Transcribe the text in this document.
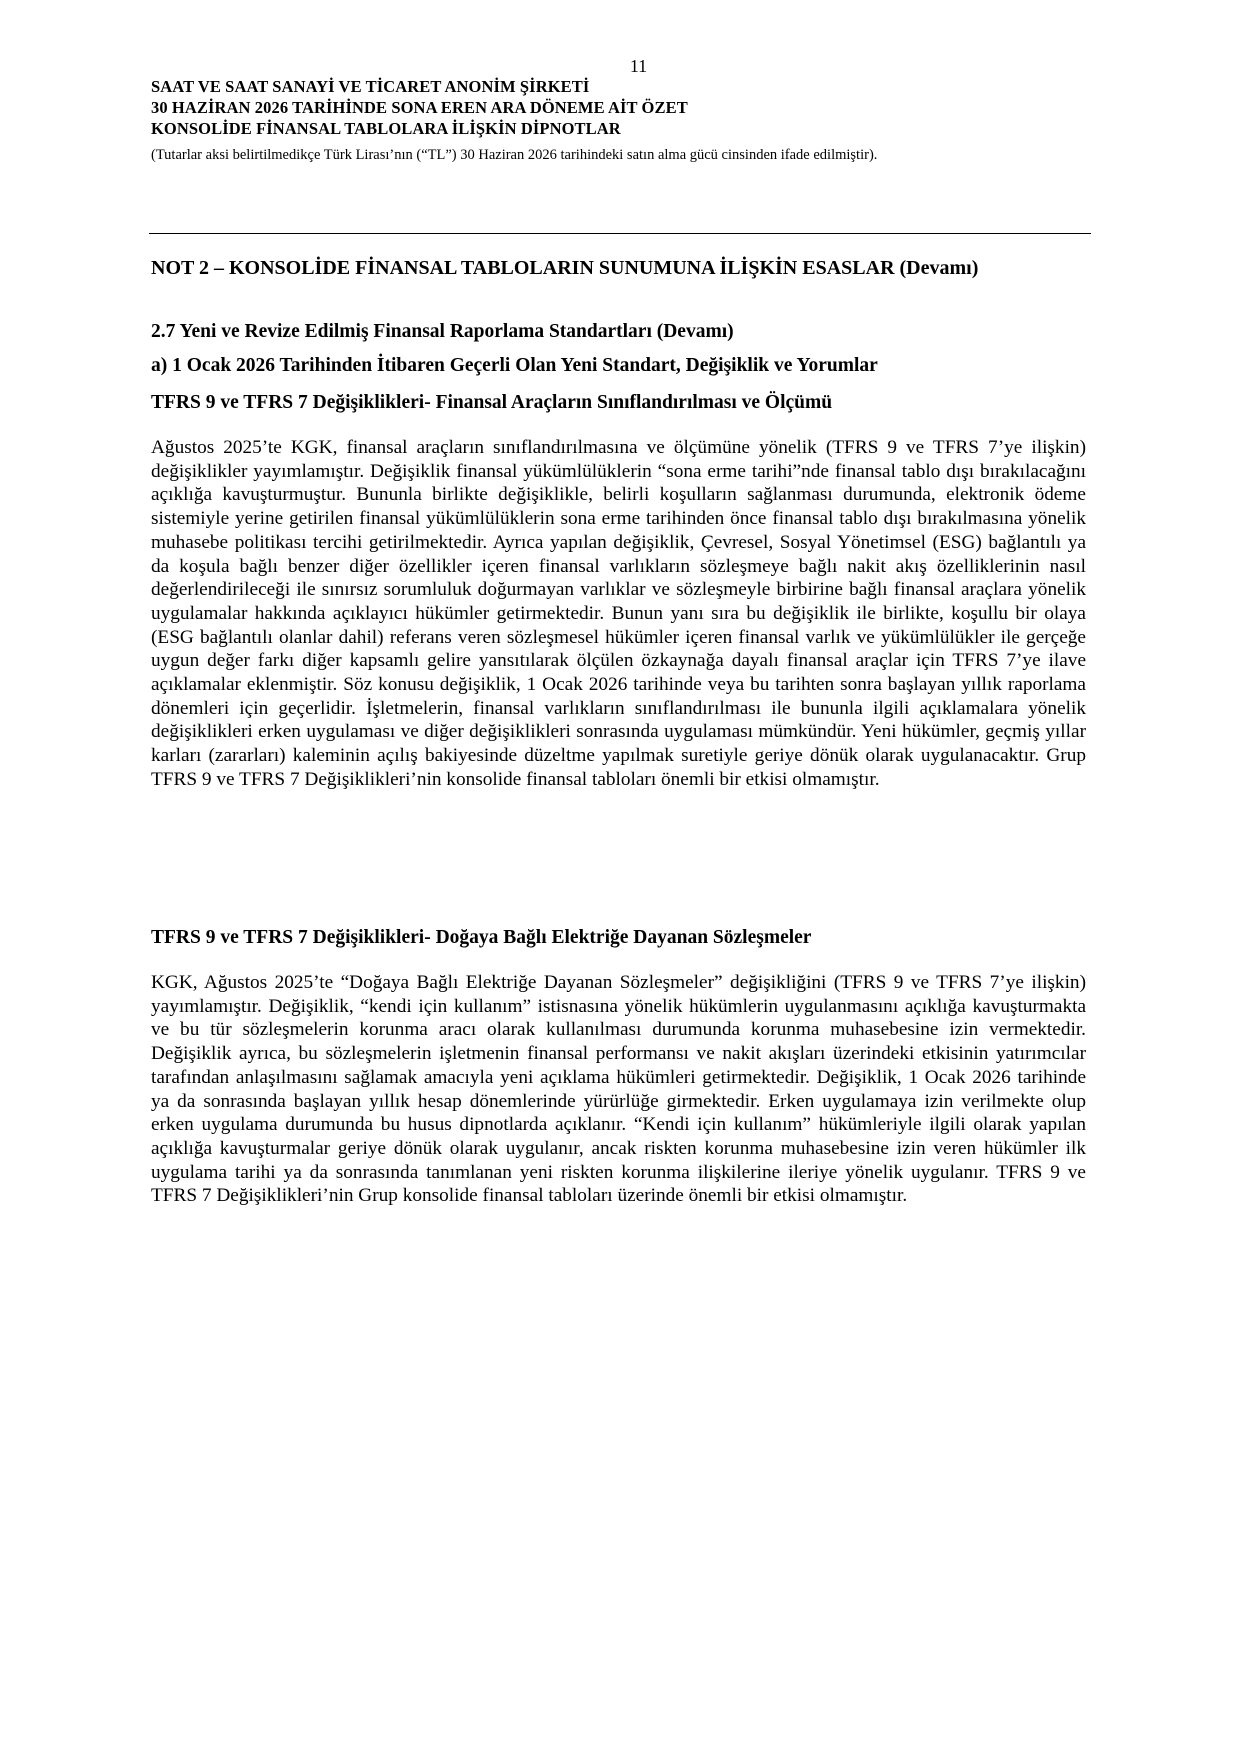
11
SAAT VE SAAT SANAYİ VE TİCARET ANONİM ŞİRKETİ
30 HAZİRAN 2026 TARİHİNDE SONA EREN ARA DÖNEME AİT ÖZET
KONSOLİDE FİNANSAL TABLOLARA İLİŞKİN DİPNOTLAR
(Tutarlar aksi belirtilmedikçe Türk Lirası’nın (“TL”) 30 Haziran 2026 tarihindeki satın alma gücü cinsinden ifade edilmiştir).
NOT 2 – KONSOLİDE FİNANSAL TABLOLARIN SUNUMUNA İLİŞKİN ESASLAR (Devamı)
2.7 Yeni ve Revize Edilmiş Finansal Raporlama Standartları (Devamı)
a) 1 Ocak 2026 Tarihinden İtibaren Geçerli Olan Yeni Standart, Değişiklik ve Yorumlar
TFRS 9 ve TFRS 7 Değişiklikleri- Finansal Araçların Sınıflandırılması ve Ölçümü
Ağustos 2025’te KGK, finansal araçların sınıflandırılmasına ve ölçümüne yönelik (TFRS 9 ve TFRS 7’ye ilişkin) değişiklikler yayımlamıştır. Değişiklik finansal yükümlülüklerin “sona erme tarihi”nde finansal tablo dışı bırakılacağını açıklığa kavuşturmuştur. Bununla birlikte değişiklikle, belirli koşulların sağlanması durumunda, elektronik ödeme sistemiyle yerine getirilen finansal yükümlülüklerin sona erme tarihinden önce finansal tablo dışı bırakılmasına yönelik muhasebe politikası tercihi getirilmektedir. Ayrıca yapılan değişiklik, Çevresel, Sosyal Yönetimsel (ESG) bağlantılı ya da koşula bağlı benzer diğer özellikler içeren finansal varlıkların sözleşmeye bağlı nakit akış özelliklerinin nasıl değerlendirileceği ile sınırsız sorumluluk doğurmayan varlıklar ve sözleşmeyle birbirine bağlı finansal araçlara yönelik uygulamalar hakkında açıklayıcı hükümler getirmektedir. Bunun yanı sıra bu değişiklik ile birlikte, koşullu bir olaya (ESG bağlantılı olanlar dahil) referans veren sözleşmesel hükümler içeren finansal varlık ve yükümlülükler ile gerçeğe uygun değer farkı diğer kapsamlı gelire yansıtılarak ölçülen özkaynağa dayalı finansal araçlar için TFRS 7’ye ilave açıklamalar eklenmiştir. Söz konusu değişiklik, 1 Ocak 2026 tarihinde veya bu tarihten sonra başlayan yıllık raporlama dönemleri için geçerlidir. İşletmelerin, finansal varlıkların sınıflandırılması ile bununla ilgili açıklamalara yönelik değişiklikleri erken uygulaması ve diğer değişiklikleri sonrasında uygulaması mümkündür. Yeni hükümler, geçmiş yıllar karları (zararları) kaleminin açılış bakiyesinde düzeltme yapılmak suretiyle geriye dönük olarak uygulanacaktır. Grup TFRS 9 ve TFRS 7 Değişiklikleri’nin konsolide finansal tabloları önemli bir etkisi olmamıştır.
TFRS 9 ve TFRS 7 Değişiklikleri- Doğaya Bağlı Elektriğe Dayanan Sözleşmeler
KGK, Ağustos 2025’te “Doğaya Bağlı Elektriğe Dayanan Sözleşmeler” değişikliğini (TFRS 9 ve TFRS 7’ye ilişkin) yayımlamıştır. Değişiklik, “kendi için kullanım” istisnasına yönelik hükümlerin uygulanmasını açıklığa kavuşturmakta ve bu tür sözleşmelerin korunma aracı olarak kullanılması durumunda korunma muhasebesine izin vermektedir. Değişiklik ayrıca, bu sözleşmelerin işletmenin finansal performansı ve nakit akışları üzerindeki etkisinin yatırımcılar tarafından anlaşılmasını sağlamak amacıyla yeni açıklama hükümleri getirmektedir. Değişiklik, 1 Ocak 2026 tarihinde ya da sonrasında başlayan yıllık hesap dönemlerinde yürürlüğe girmektedir. Erken uygulamaya izin verilmekte olup erken uygulama durumunda bu husus dipnotlarda açıklanır. “Kendi için kullanım” hükümleriyle ilgili olarak yapılan açıklığa kavuşturmalar geriye dönük olarak uygulanır, ancak riskten korunma muhasebesine izin veren hükümler ilk uygulama tarihi ya da sonrasında tanımlanan yeni riskten korunma ilişkilerine ileriye yönelik uygulanır. TFRS 9 ve TFRS 7 Değişiklikleri’nin Grup konsolide finansal tabloları üzerinde önemli bir etkisi olmamıştır.
